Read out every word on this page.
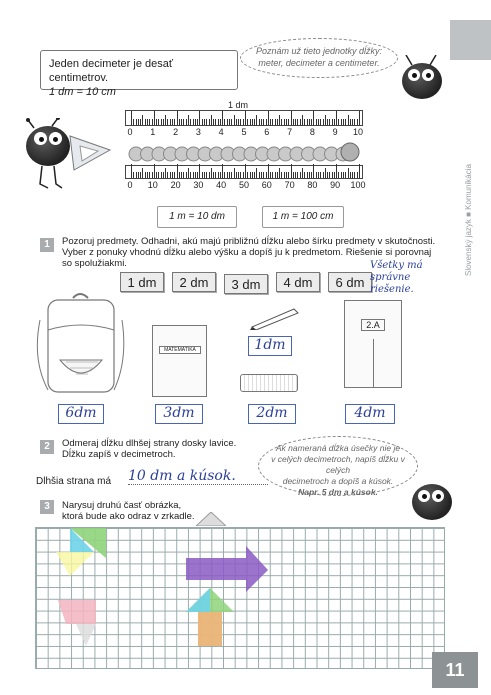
Slovenský jazyk ■ Komunikácia
Jeden decimeter je desať centimetrov.
1 dm = 10 cm
Poznám už tieto jednotky dĺžky:
meter, decimeter a centimeter.
1 dm
0	1	2	3	4	5	6	7	8	9	10
0	10	20	30	40	50	60	70	80	90	100
1 m = 10 dm	1 m = 100 cm
1	Pozoruj predmety. Odhadni, akú majú približnú dĺžku alebo šírku predmety v skutočnosti. Vyber z ponuky vhodnú dĺžku alebo výšku a dopíš ju k predmetom. Riešenie si porovnaj so spolužiakmi.
1 dm	2 dm	3 dm	4 dm	6 dm
Všetky má správne riešenie.
6dm
MATEMATIKA
3dm
1dm
2dm
2.A
4dm
2	Odmeraj dĺžku dlhšej strany dosky lavice.
Dĺžku zapíš v decimetroch.
Dlhšia strana má 10 dm a kúsok.
Ak nameraná dĺžka úsečky nie je
v celých decimetroch, napíš dĺžku v celých
decimetroch a dopíš a kúsok.
Napr. 5 dm a kúsok.
3	Narysuj druhú časť obrázka,
ktorá bude ako odraz v zrkadle.
11
